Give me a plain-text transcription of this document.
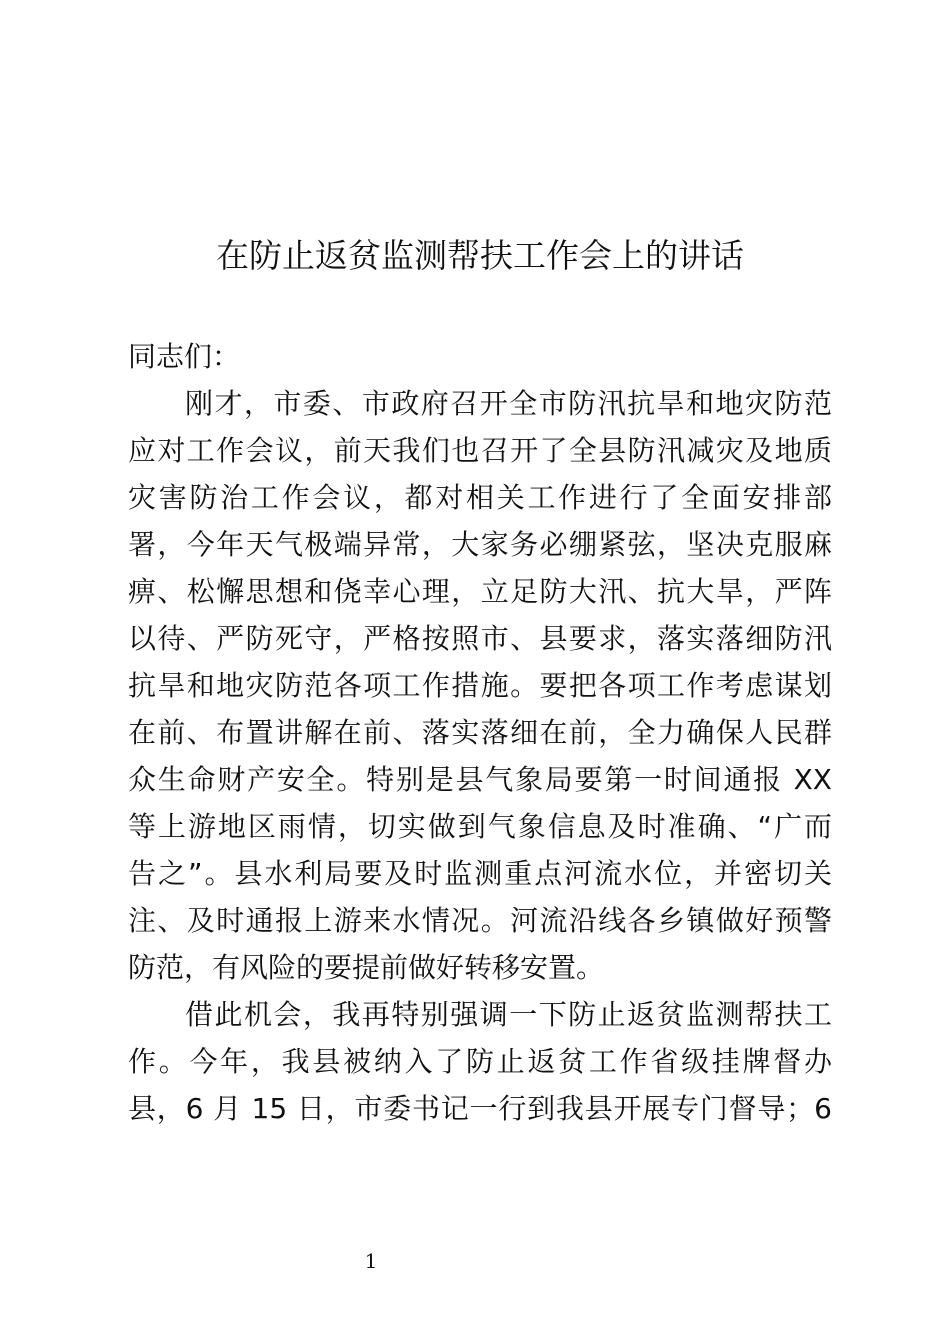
在防止返贫监测帮扶工作会上的讲话
同志们：
刚才，市委、市政府召开全市防汛抗旱和地灾防范
应对工作会议，前天我们也召开了全县防汛减灾及地质
灾害防治工作会议，都对相关工作进行了全面安排部
署，今年天气极端异常，大家务必绷紧弦，坚决克服麻
痹、松懈思想和侥幸心理，立足防大汛、抗大旱，严阵
以待、严防死守，严格按照市、县要求，落实落细防汛
抗旱和地灾防范各项工作措施。要把各项工作考虑谋划
在前、布置讲解在前、落实落细在前，全力确保人民群
众生命财产安全。特别是县气象局要第一时间通报 XX
等上游地区雨情，切实做到气象信息及时准确、“广而
告之”。县水利局要及时监测重点河流水位，并密切关
注、及时通报上游来水情况。河流沿线各乡镇做好预警
防范，有风险的要提前做好转移安置。
借此机会，我再特别强调一下防止返贫监测帮扶工
作。今年，我县被纳入了防止返贫工作省级挂牌督办
县，6 月 15 日，市委书记一行到我县开展专门督导；6
1
